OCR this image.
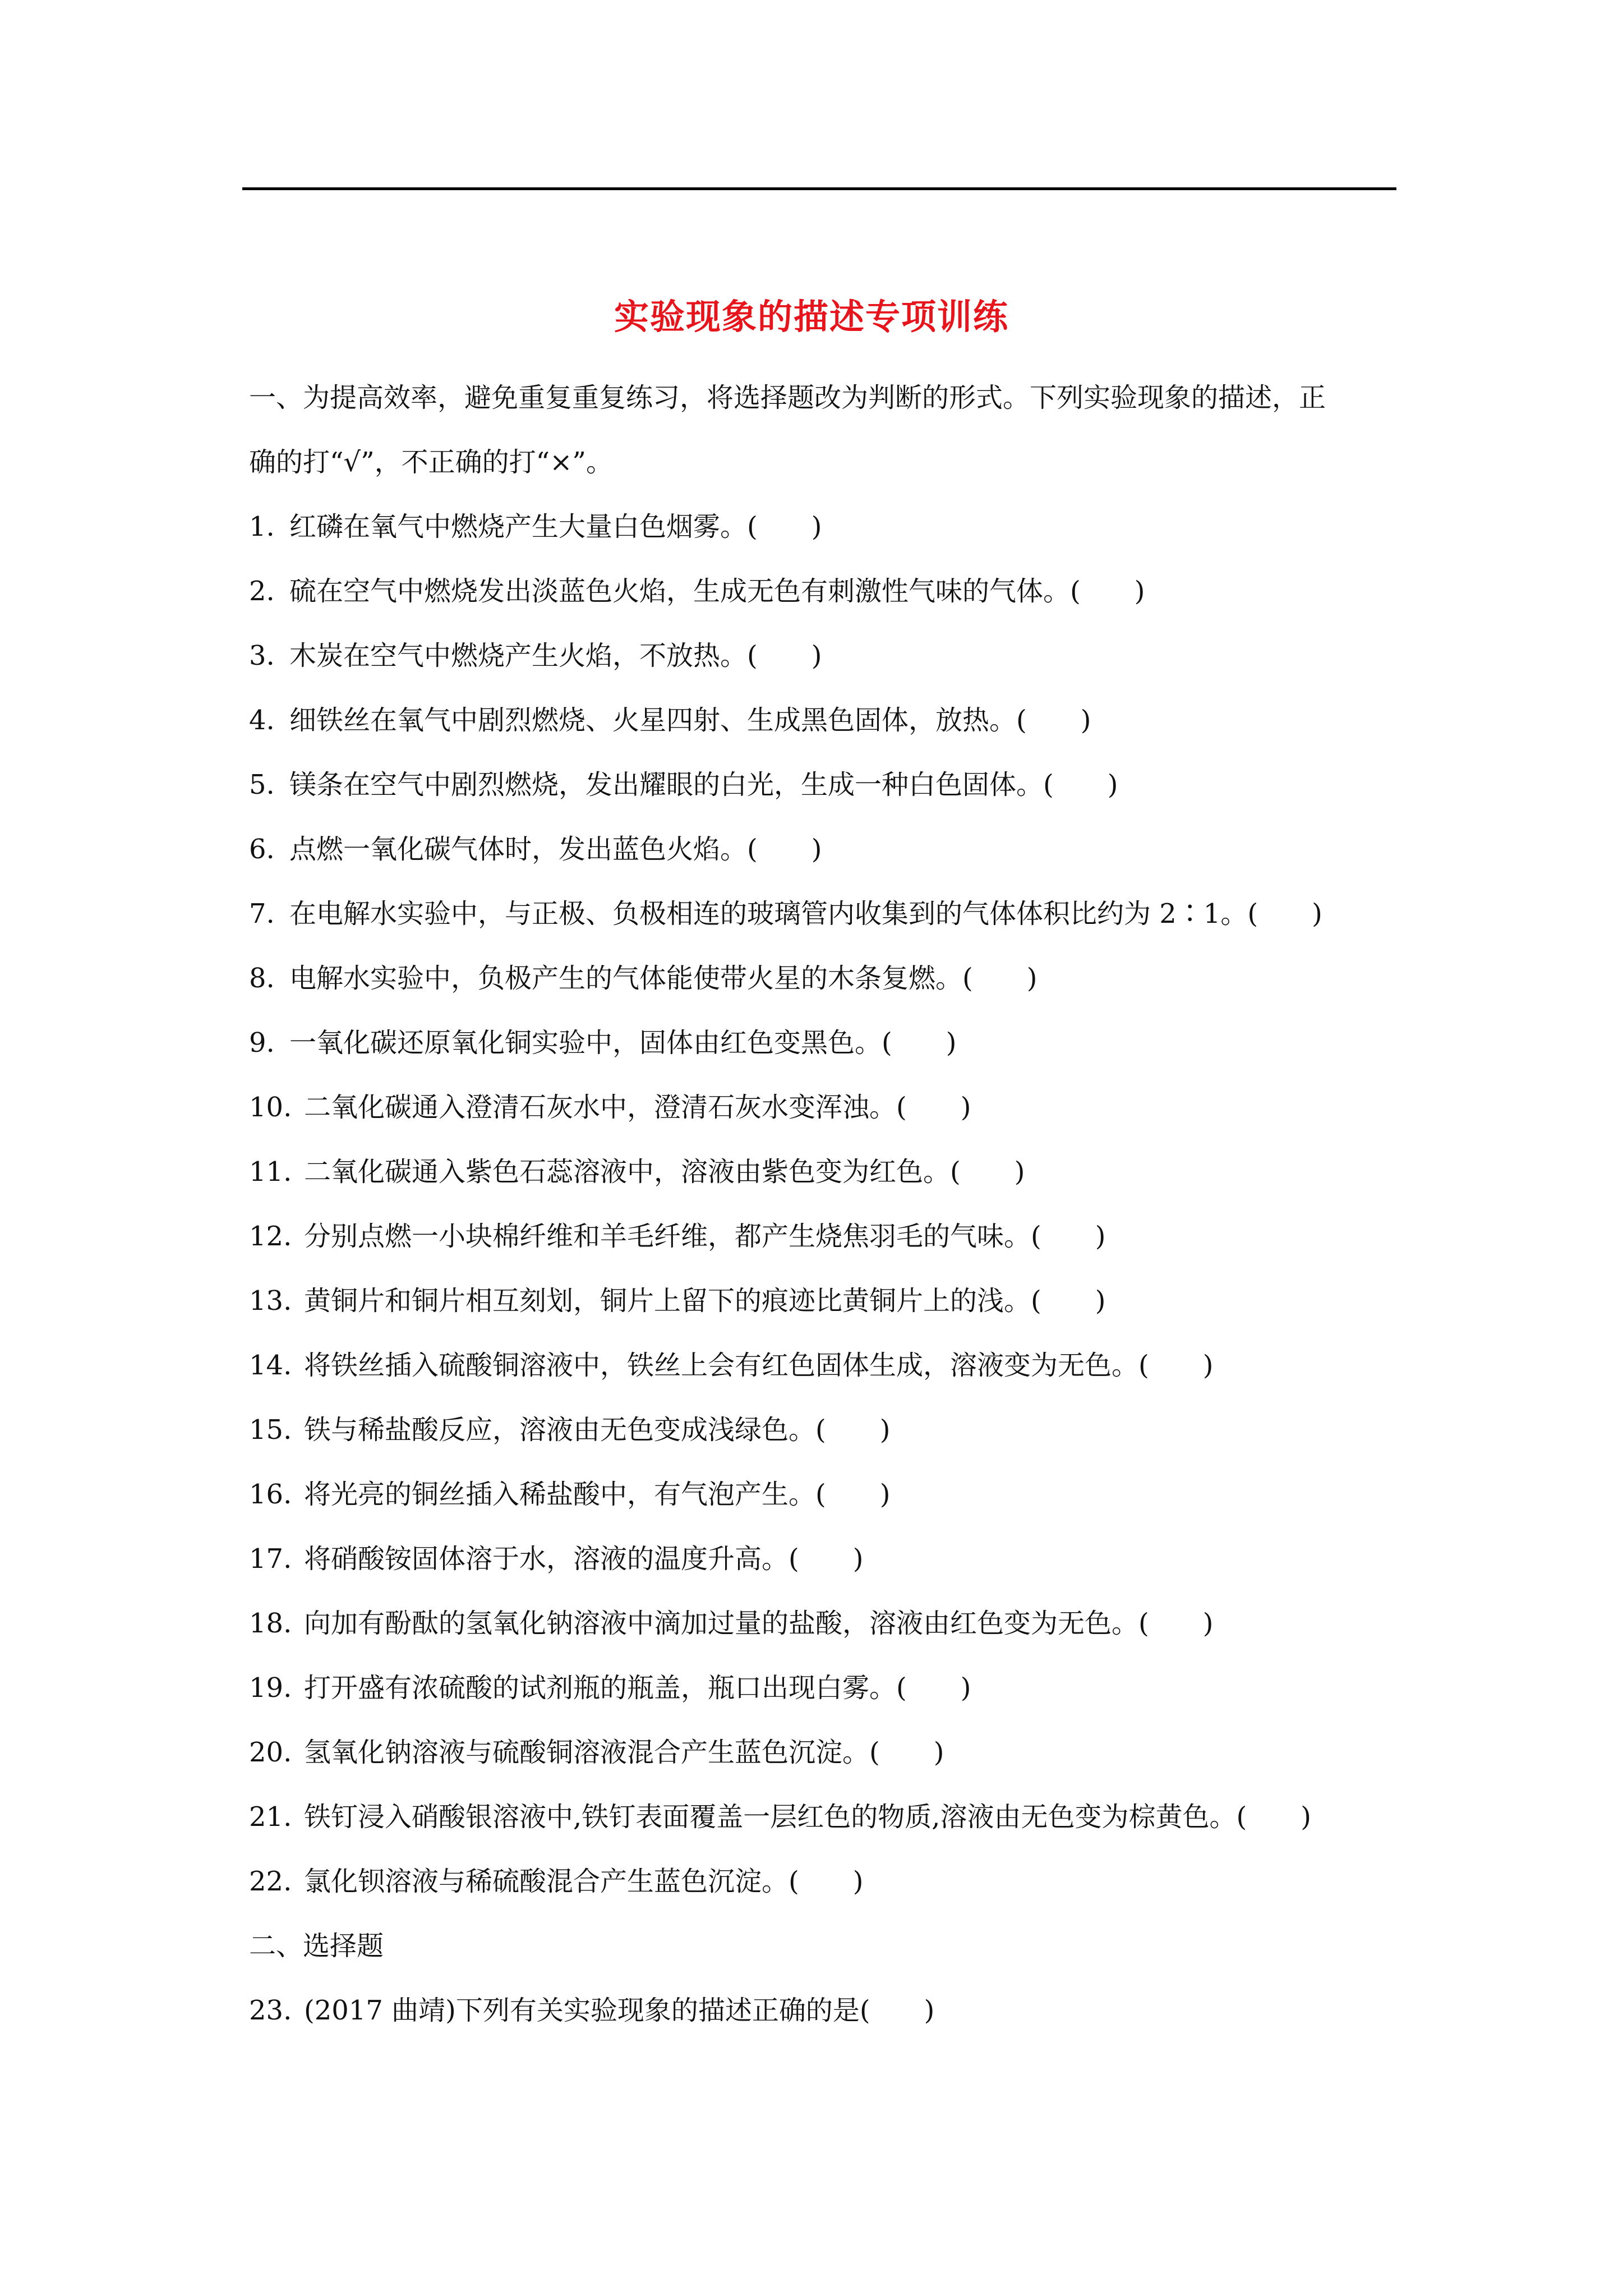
实验现象的描述专项训练

一、为提高效率，避免重复重复练习，将选择题改为判断的形式。下列实验现象的描述，正
确的打“√”，不正确的打“×”。

1. 红磷在氧气中燃烧产生大量白色烟雾。(　　)
2. 硫在空气中燃烧发出淡蓝色火焰，生成无色有刺激性气味的气体。(　　)
3. 木炭在空气中燃烧产生火焰，不放热。(　　)
4. 细铁丝在氧气中剧烈燃烧、火星四射、生成黑色固体，放热。(　　)
5. 镁条在空气中剧烈燃烧，发出耀眼的白光，生成一种白色固体。(　　)
6. 点燃一氧化碳气体时，发出蓝色火焰。(　　)
7. 在电解水实验中，与正极、负极相连的玻璃管内收集到的气体体积比约为 2∶1。(　　)
8. 电解水实验中，负极产生的气体能使带火星的木条复燃。(　　)
9. 一氧化碳还原氧化铜实验中，固体由红色变黑色。(　　)
10. 二氧化碳通入澄清石灰水中，澄清石灰水变浑浊。(　　)
11. 二氧化碳通入紫色石蕊溶液中，溶液由紫色变为红色。(　　)
12. 分别点燃一小块棉纤维和羊毛纤维，都产生烧焦羽毛的气味。(　　)
13. 黄铜片和铜片相互刻划，铜片上留下的痕迹比黄铜片上的浅。(　　)
14. 将铁丝插入硫酸铜溶液中，铁丝上会有红色固体生成，溶液变为无色。(　　)
15. 铁与稀盐酸反应，溶液由无色变成浅绿色。(　　)
16. 将光亮的铜丝插入稀盐酸中，有气泡产生。(　　)
17. 将硝酸铵固体溶于水，溶液的温度升高。(　　)
18. 向加有酚酞的氢氧化钠溶液中滴加过量的盐酸，溶液由红色变为无色。(　　)
19. 打开盛有浓硫酸的试剂瓶的瓶盖，瓶口出现白雾。(　　)
20. 氢氧化钠溶液与硫酸铜溶液混合产生蓝色沉淀。(　　)
21. 铁钉浸入硝酸银溶液中,铁钉表面覆盖一层红色的物质,溶液由无色变为棕黄色。(　　)
22. 氯化钡溶液与稀硫酸混合产生蓝色沉淀。(　　)
二、选择题
23. (2017 曲靖)下列有关实验现象的描述正确的是(　　)
